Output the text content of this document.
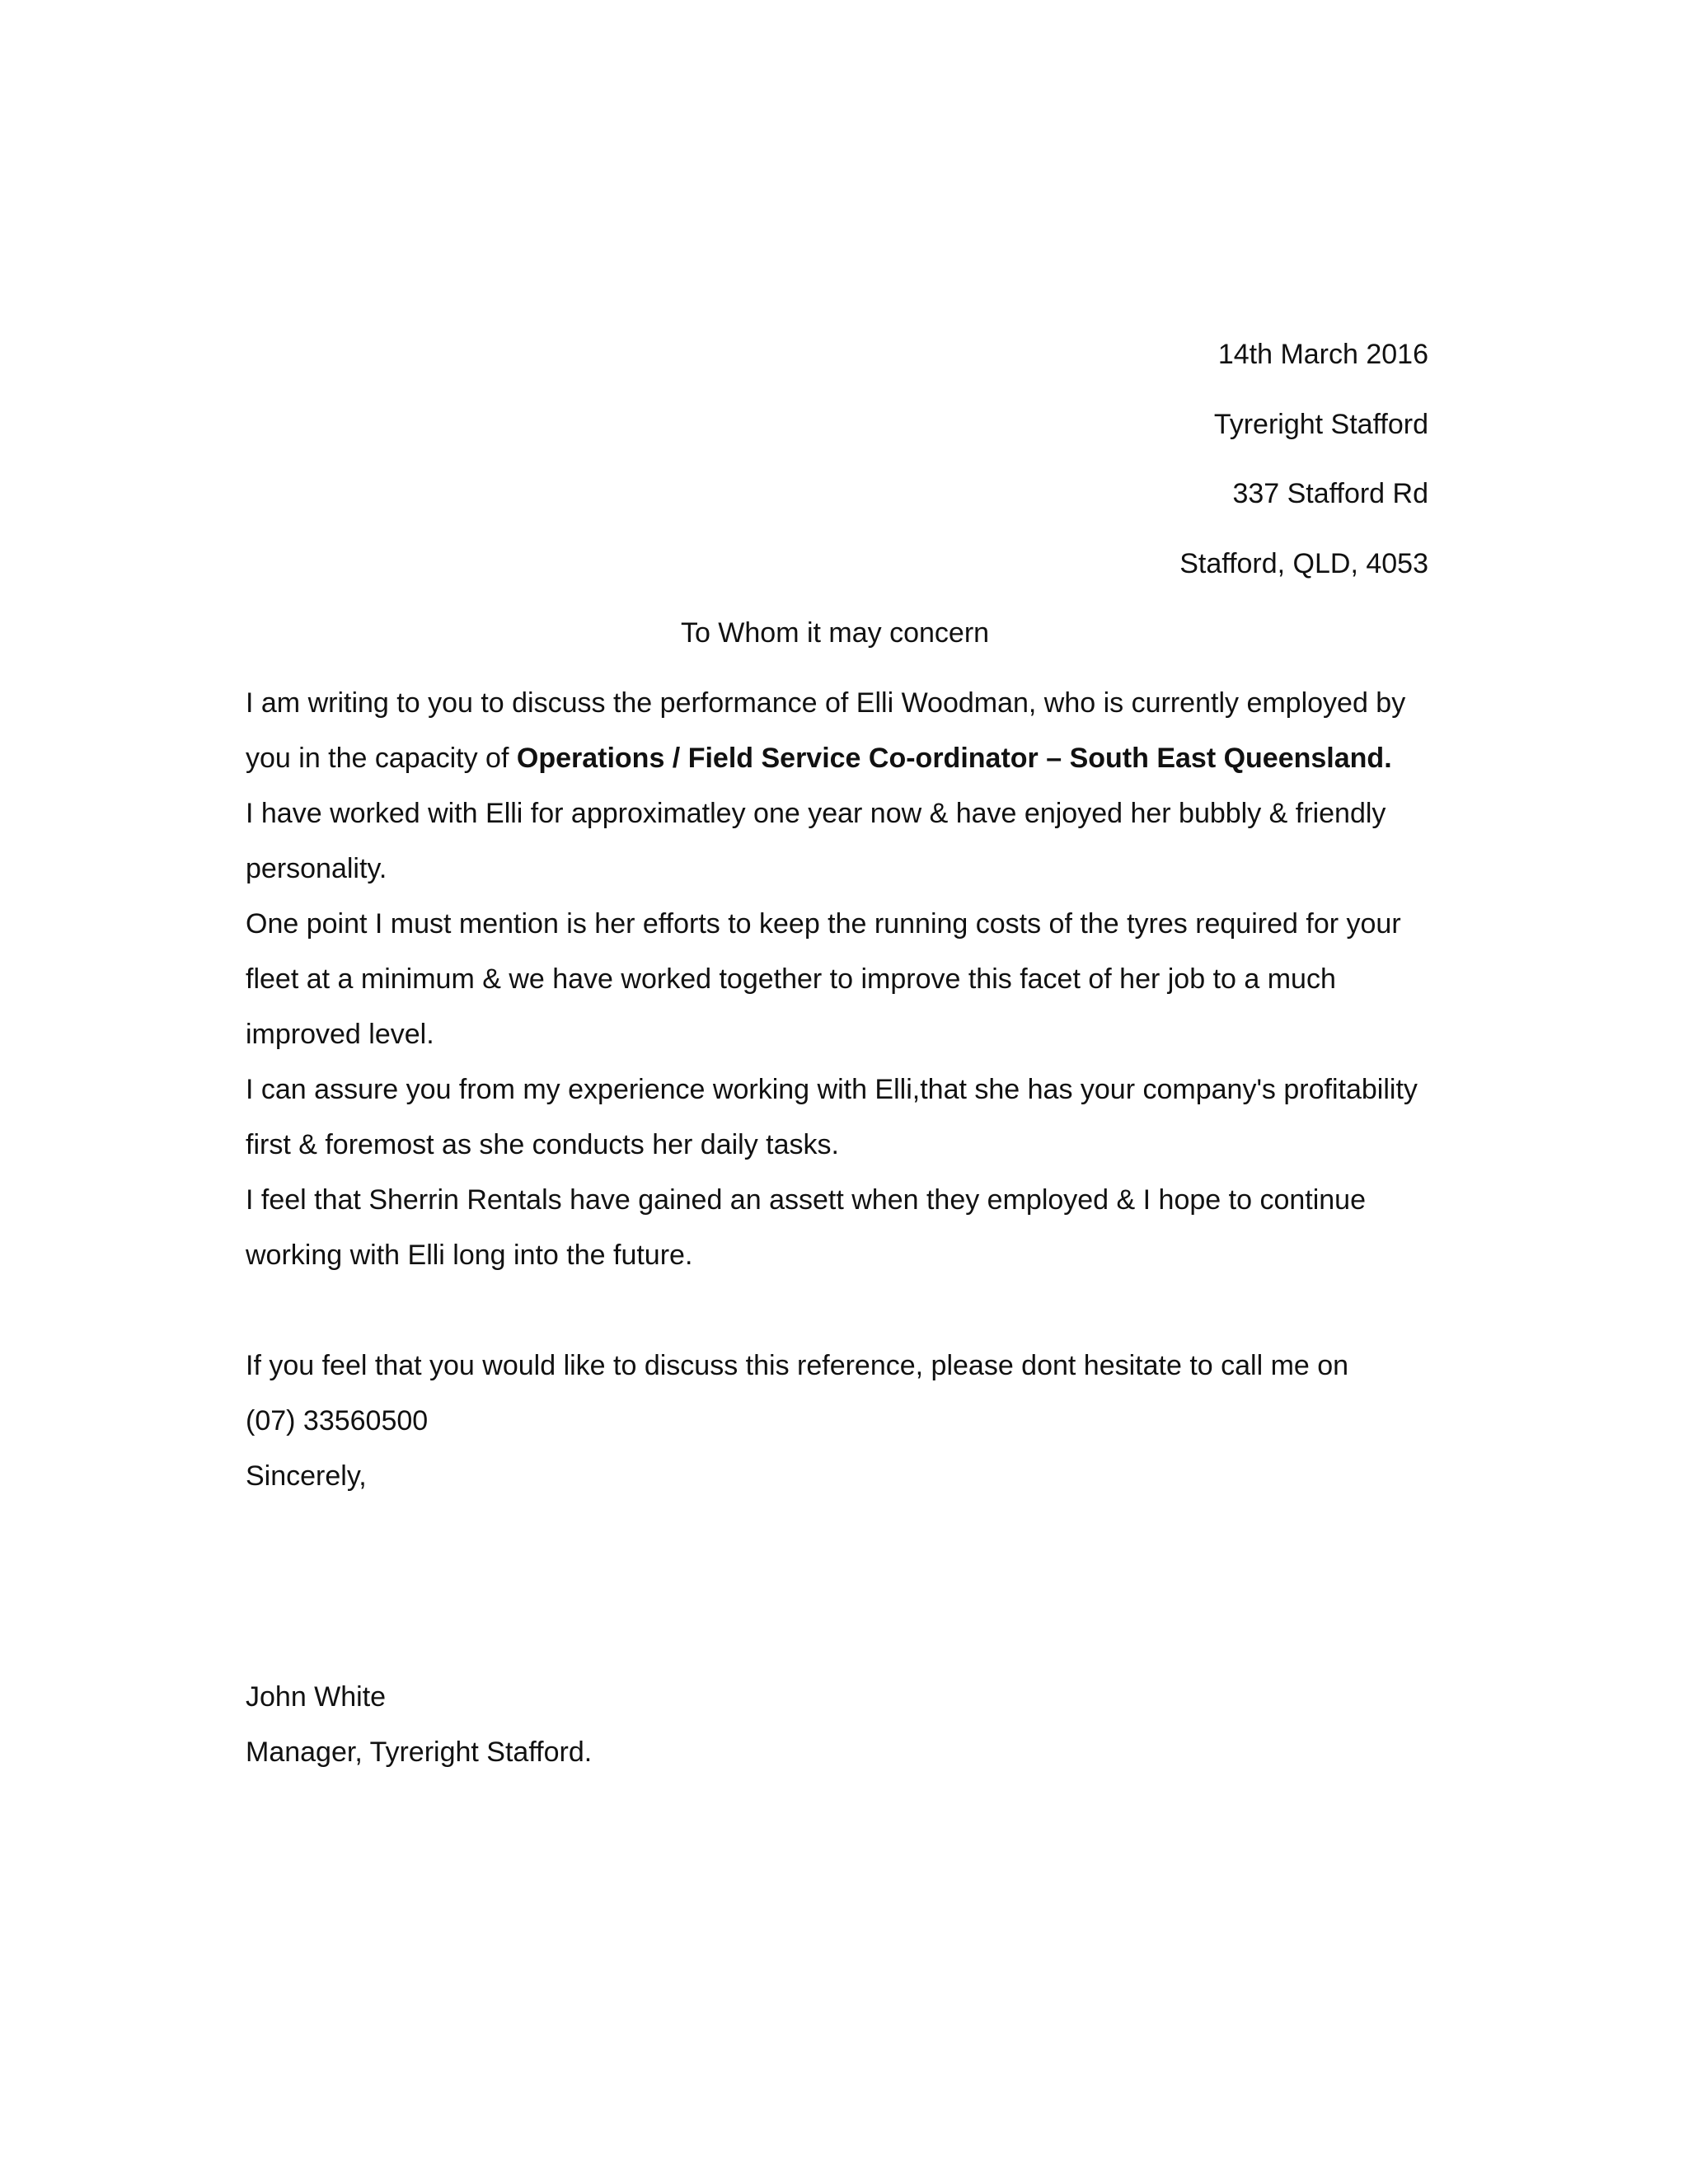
14th March 2016
Tyreright Stafford
337 Stafford Rd
Stafford, QLD, 4053
To Whom it may concern
I am writing to you to discuss the performance of Elli Woodman, who is currently employed by
you in the capacity of Operations / Field Service Co-ordinator – South East Queensland.
I have worked with Elli for approximatley one year now & have enjoyed her bubbly & friendly
personality.
One point I must mention is her efforts to keep the running costs of the tyres required for your
fleet at a minimum & we have worked together to improve this facet of her job to a much
improved level.
I can assure you from my experience working with Elli,that she has your company's profitability
first & foremost as she conducts her daily tasks.
I feel that Sherrin Rentals have gained an assett when they employed & I hope to continue
working with Elli long into the future.
If you feel that you would like to discuss this reference, please dont hesitate to call me on
(07) 33560500
Sincerely,
John White
Manager, Tyreright Stafford.
